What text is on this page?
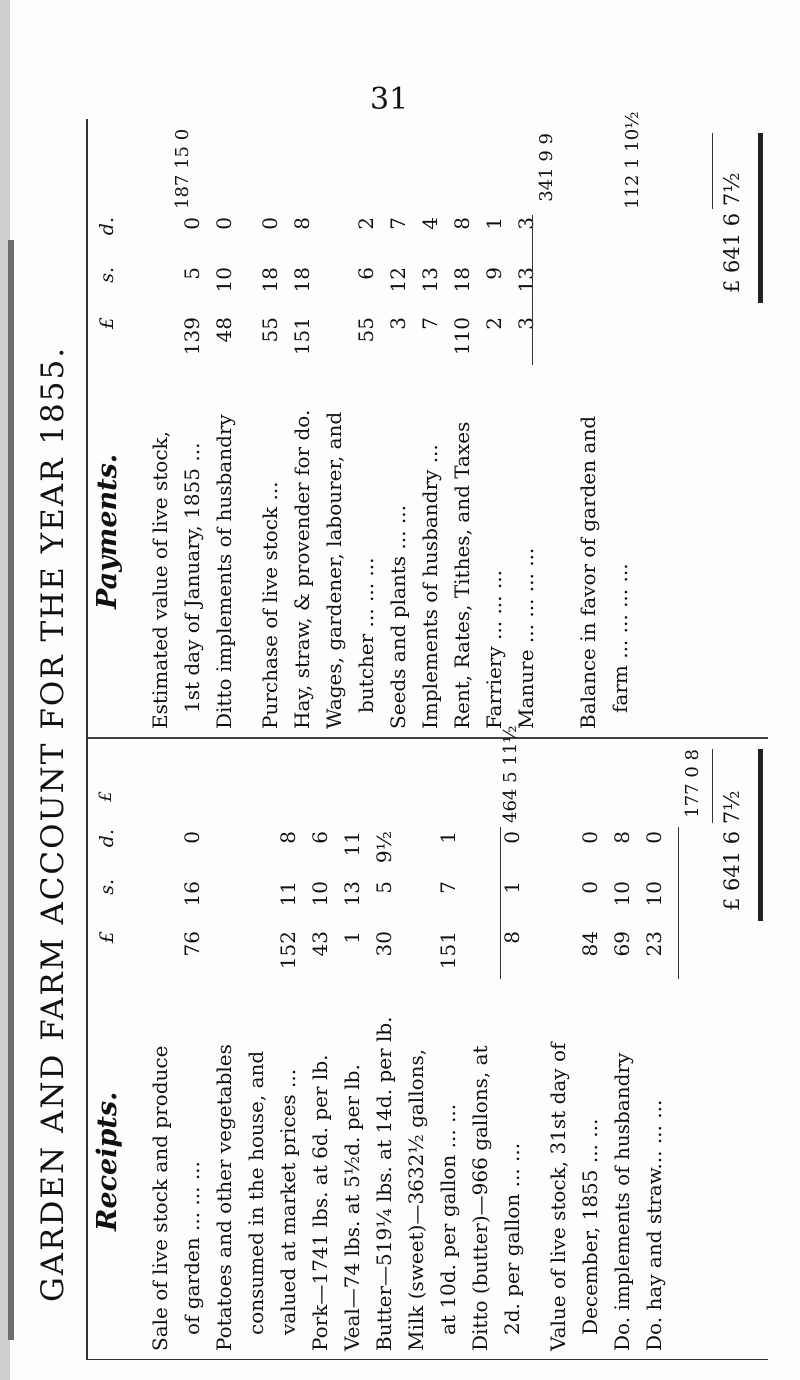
31
GARDEN AND FARM ACCOUNT FOR THE YEAR 1855. Receipts.
£
s.
d.
£
Sale of live stock and produce of garden ... ... ...
76
16
0
Potatoes and other vegetables consumed in the house, and valued at market prices ...
152
11
8
Pork—1741 lbs. at 6d. per lb.
43
10
6
Veal—74 lbs. at 5½d. per lb.
1
13
11
Butter—519¼ lbs. at 14d. per lb.
30
5
9½
Milk (sweet)—3632½ gallons, at 10d. per gallon ... ...
151
7
1
Ditto (butter)—966 gallons, at 2d. per gallon ... ...
8
1
0
Value of live stock, 31st day of December, 1855 ... ...
84
0
0
Do. implements of husbandry
69
10
8
Do. hay and straw... ... ...
23
10
0
464 5 11½
177 0 8
£ 641 6 7½
Payments.
£
s.
d.
Estimated value of live stock, 1st day of January, 1855 ...
139
5
0
Ditto implements of husbandry
48
10
0
Purchase of live stock ...
55
18
0
Hay, straw, & provender for do.
151
18
8
Wages, gardener, labourer, and butcher ... ... ...
55
6
2
Seeds and plants ... ...
3
12
7
Implements of husbandry ...
7
13
4
Rent, Rates, Tithes, and Taxes
110
18
8
Farriery ... ... ...
2
9
1
Manure ... ... ... ...
3
13
3
Balance in favor of garden and farm ... ... ... ...
187 15 0
341 9 9
112 1 10½
£ 641 6 7½
